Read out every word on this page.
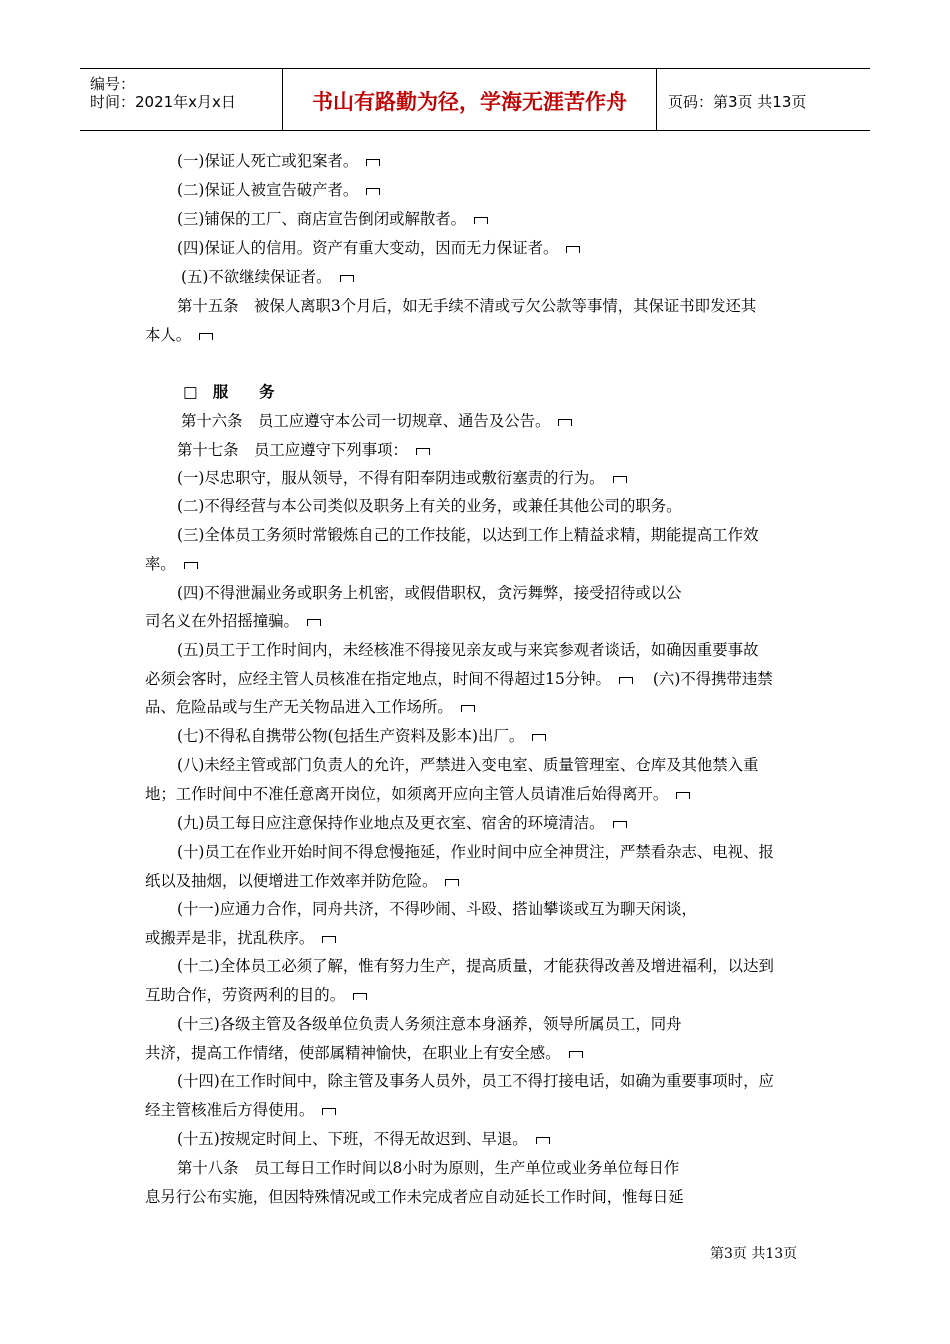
编号：
时间：2021年x月x日	书山有路勤为径，学海无涯苦作舟	页码：第3页 共13页
(一)保证人死亡或犯案者。
(二)保证人被宣告破产者。
(三)铺保的工厂、商店宣告倒闭或解散者。
(四)保证人的信用。资产有重大变动，因而无力保证者。
(五)不欲继续保证者。
第十五条　被保人离职3个月后，如无手续不清或亏欠公款等事情，其保证书即发还其
本人。
□　服　　务
第十六条　员工应遵守本公司一切规章、通告及公告。
第十七条　员工应遵守下列事项：
(一)尽忠职守，服从领导，不得有阳奉阴违或敷衍塞责的行为。
(二)不得经营与本公司类似及职务上有关的业务，或兼任其他公司的职务。
(三)全体员工务须时常锻炼自己的工作技能，以达到工作上精益求精，期能提高工作效
率。
(四)不得泄漏业务或职务上机密，或假借职权，贪污舞弊，接受招待或以公
司名义在外招摇撞骗。
(五)员工于工作时间内，未经核准不得接见亲友或与来宾参观者谈话，如确因重要事故
必须会客时，应经主管人员核准在指定地点，时间不得超过15分钟。	(六)不得携带违禁
品、危险品或与生产无关物品进入工作场所。
(七)不得私自携带公物(包括生产资料及影本)出厂。
(八)未经主管或部门负责人的允许，严禁进入变电室、质量管理室、仓库及其他禁入重
地；工作时间中不准任意离开岗位，如须离开应向主管人员请准后始得离开。
(九)员工每日应注意保持作业地点及更衣室、宿舍的环境清洁。
(十)员工在作业开始时间不得怠慢拖延，作业时间中应全神贯注，严禁看杂志、电视、报
纸以及抽烟，以便增进工作效率并防危险。
(十一)应通力合作，同舟共济，不得吵闹、斗殴、搭讪攀谈或互为聊天闲谈，
或搬弄是非，扰乱秩序。
(十二)全体员工必须了解，惟有努力生产，提高质量，才能获得改善及增进福利，以达到
互助合作，劳资两利的目的。
(十三)各级主管及各级单位负责人务须注意本身涵养，领导所属员工，同舟
共济，提高工作情绪，使部属精神愉快，在职业上有安全感。
(十四)在工作时间中，除主管及事务人员外，员工不得打接电话，如确为重要事项时，应
经主管核准后方得使用。
(十五)按规定时间上、下班，不得无故迟到、早退。
第十八条　员工每日工作时间以8小时为原则，生产单位或业务单位每日作
息另行公布实施，但因特殊情况或工作未完成者应自动延长工作时间，惟每日延
第3页 共13页
